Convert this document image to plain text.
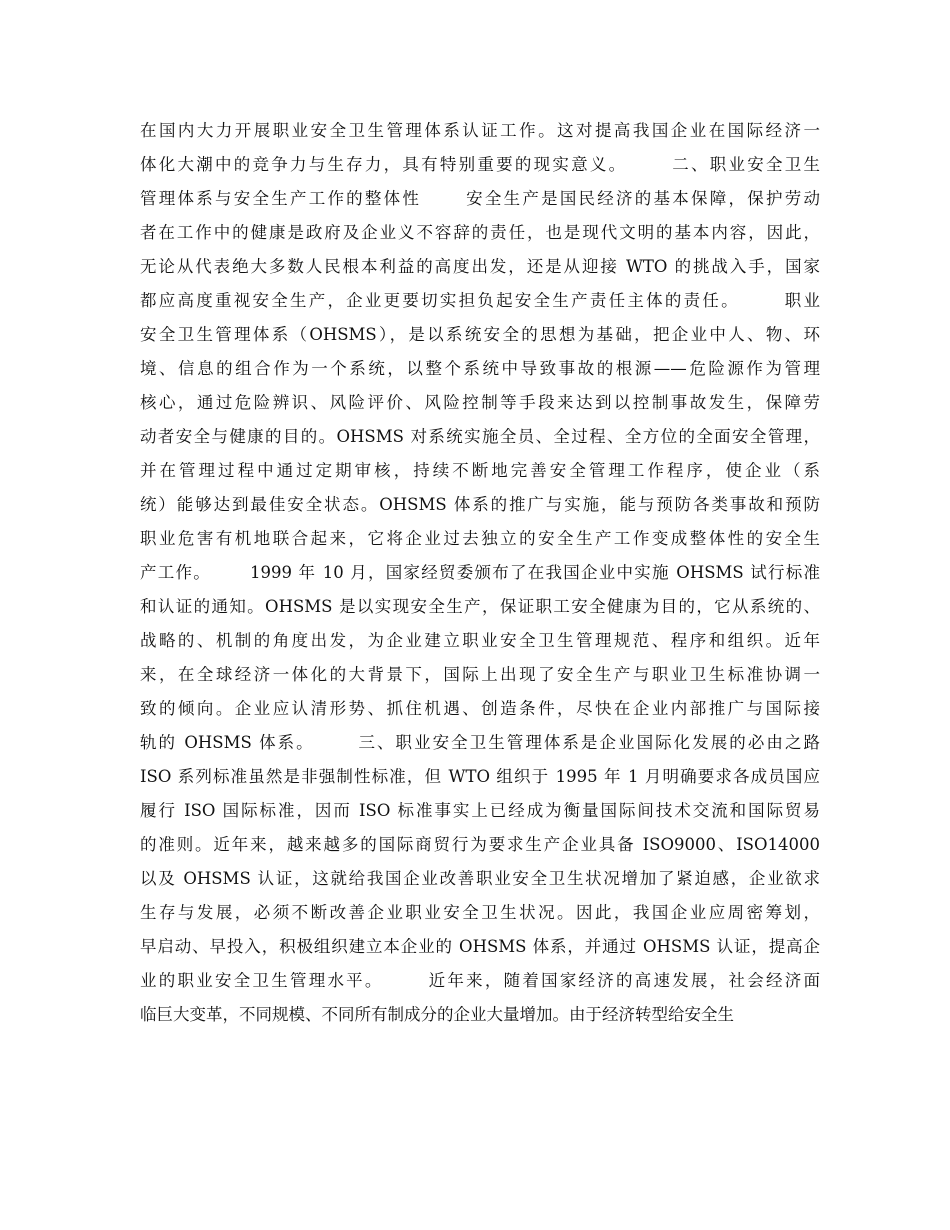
在国内大力开展职业安全卫生管理体系认证工作。这对提高我国企业在国际经济一
体化大潮中的竞争力与生存力，具有特别重要的现实意义。      二、职业安全卫生
管理体系与安全生产工作的整体性      安全生产是国民经济的基本保障，保护劳动
者在工作中的健康是政府及企业义不容辞的责任，也是现代文明的基本内容，因此，
无论从代表绝大多数人民根本利益的高度出发，还是从迎接 WTO 的挑战入手，国家
都应高度重视安全生产，企业更要切实担负起安全生产责任主体的责任。      职业
安全卫生管理体系（OHSMS），是以系统安全的思想为基础，把企业中人、物、环
境、信息的组合作为一个系统，以整个系统中导致事故的根源——危险源作为管理
核心，通过危险辨识、风险评价、风险控制等手段来达到以控制事故发生，保障劳
动者安全与健康的目的。OHSMS 对系统实施全员、全过程、全方位的全面安全管理，
并在管理过程中通过定期审核，持续不断地完善安全管理工作程序，使企业（系
统）能够达到最佳安全状态。OHSMS 体系的推广与实施，能与预防各类事故和预防
职业危害有机地联合起来，它将企业过去独立的安全生产工作变成整体性的安全生
产工作。      1999 年 10 月，国家经贸委颁布了在我国企业中实施 OHSMS 试行标准
和认证的通知。OHSMS 是以实现安全生产，保证职工安全健康为目的，它从系统的、
战略的、机制的角度出发，为企业建立职业安全卫生管理规范、程序和组织。近年
来，在全球经济一体化的大背景下，国际上出现了安全生产与职业卫生标准协调一
致的倾向。企业应认清形势、抓住机遇、创造条件，尽快在企业内部推广与国际接
轨的 OHSMS 体系。      三、职业安全卫生管理体系是企业国际化发展的必由之路
ISO 系列标准虽然是非强制性标准，但 WTO 组织于 1995 年 1 月明确要求各成员国应
履行 ISO 国际标准，因而 ISO 标准事实上已经成为衡量国际间技术交流和国际贸易
的准则。近年来，越来越多的国际商贸行为要求生产企业具备 ISO9000、ISO14000
以及 OHSMS 认证，这就给我国企业改善职业安全卫生状况增加了紧迫感，企业欲求
生存与发展，必须不断改善企业职业安全卫生状况。因此，我国企业应周密筹划，
早启动、早投入，积极组织建立本企业的 OHSMS 体系，并通过 OHSMS 认证，提高企
业的职业安全卫生管理水平。      近年来，随着国家经济的高速发展，社会经济面
临巨大变革，不同规模、不同所有制成分的企业大量增加。由于经济转型给安全生
